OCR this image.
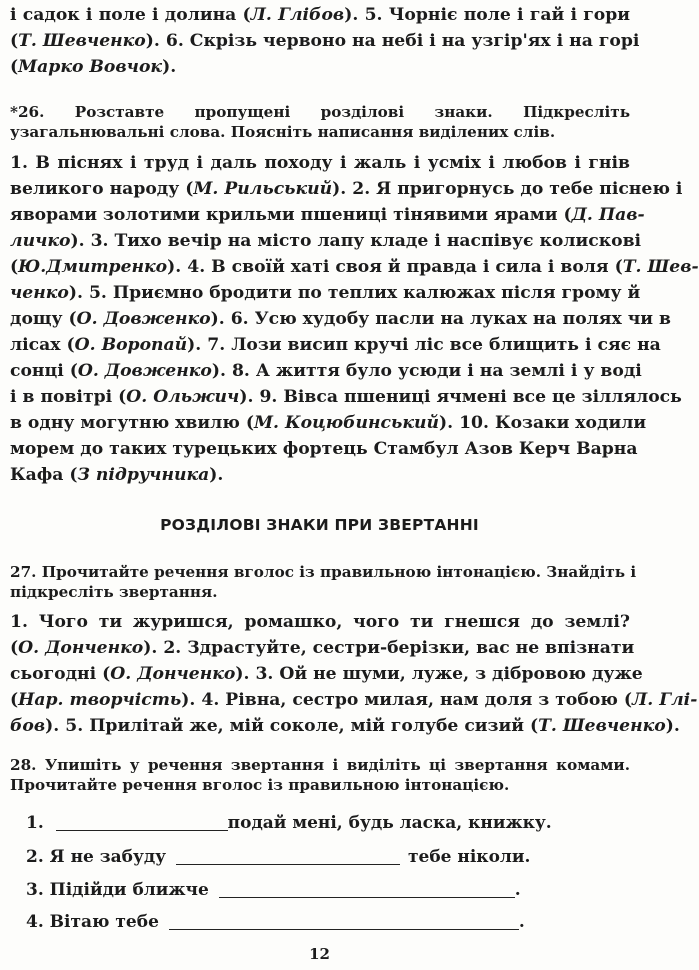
і садок і поле і долина (Л. Глібов). 5. Чорніє поле і гай і гори
(Т. Шевченко). 6. Скрізь червоно на небі і на узгір'ях і на горі
(Марко Вовчок).
*26. Розставте пропущені розділові знаки. Підкресліть
узагальнювальні слова. Поясніть написання виділених слів.
1. В піснях і труд і даль походу і жаль і усміх і любов і гнів
великого народу (М. Рильський). 2. Я пригорнусь до тебе піснею і
яворами золотими крильми пшениці тінявими ярами (Д. Пав-
личко). 3. Тихо вечір на місто лапу кладе і наспівує колискові
(Ю.Дмитренко). 4. В своїй хаті своя й правда і сила і воля (Т. Шев-
ченко). 5. Приємно бродити по теплих калюжах після грому й
дощу (О. Довженко). 6. Усю худобу пасли на луках на полях чи в
лісах (О. Воропай). 7. Лози висип кручі ліс все блищить і сяє на
сонці (О. Довженко). 8. А життя було усюди і на землі і у воді
і в повітрі (О. Ольжич). 9. Вівса пшениці ячмені все це зіллялось
в одну могутню хвилю (М. Коцюбинський). 10. Козаки ходили
морем до таких турецьких фортець Стамбул Азов Керч Варна
Кафа (З підручника).
РОЗДІЛОВІ ЗНАКИ ПРИ ЗВЕРТАННІ
27. Прочитайте речення вголос із правильною інтонацією. Знайдіть і
підкресліть звертання.
1. Чого ти журишся, ромашко, чого ти гнешся до землі?
(О. Донченко). 2. Здрастуйте, сестри-берізки, вас не впізнати
сьогодні (О. Донченко). 3. Ой не шуми, луже, з дібровою дуже
(Нар. творчість). 4. Рівна, сестро милая, нам доля з тобою (Л. Глі-
бов). 5. Прилітай же, мій соколе, мій голубе сизий (Т. Шевченко).
28. Упишіть у речення звертання і виділіть ці звертання комами.
Прочитайте речення вголос із правильною інтонацією.
1.	подай мені, будь ласка, книжку.
2. Я не забуду	тебе ніколи.
3. Підійди ближче	.
4. Вітаю тебе	.
12
